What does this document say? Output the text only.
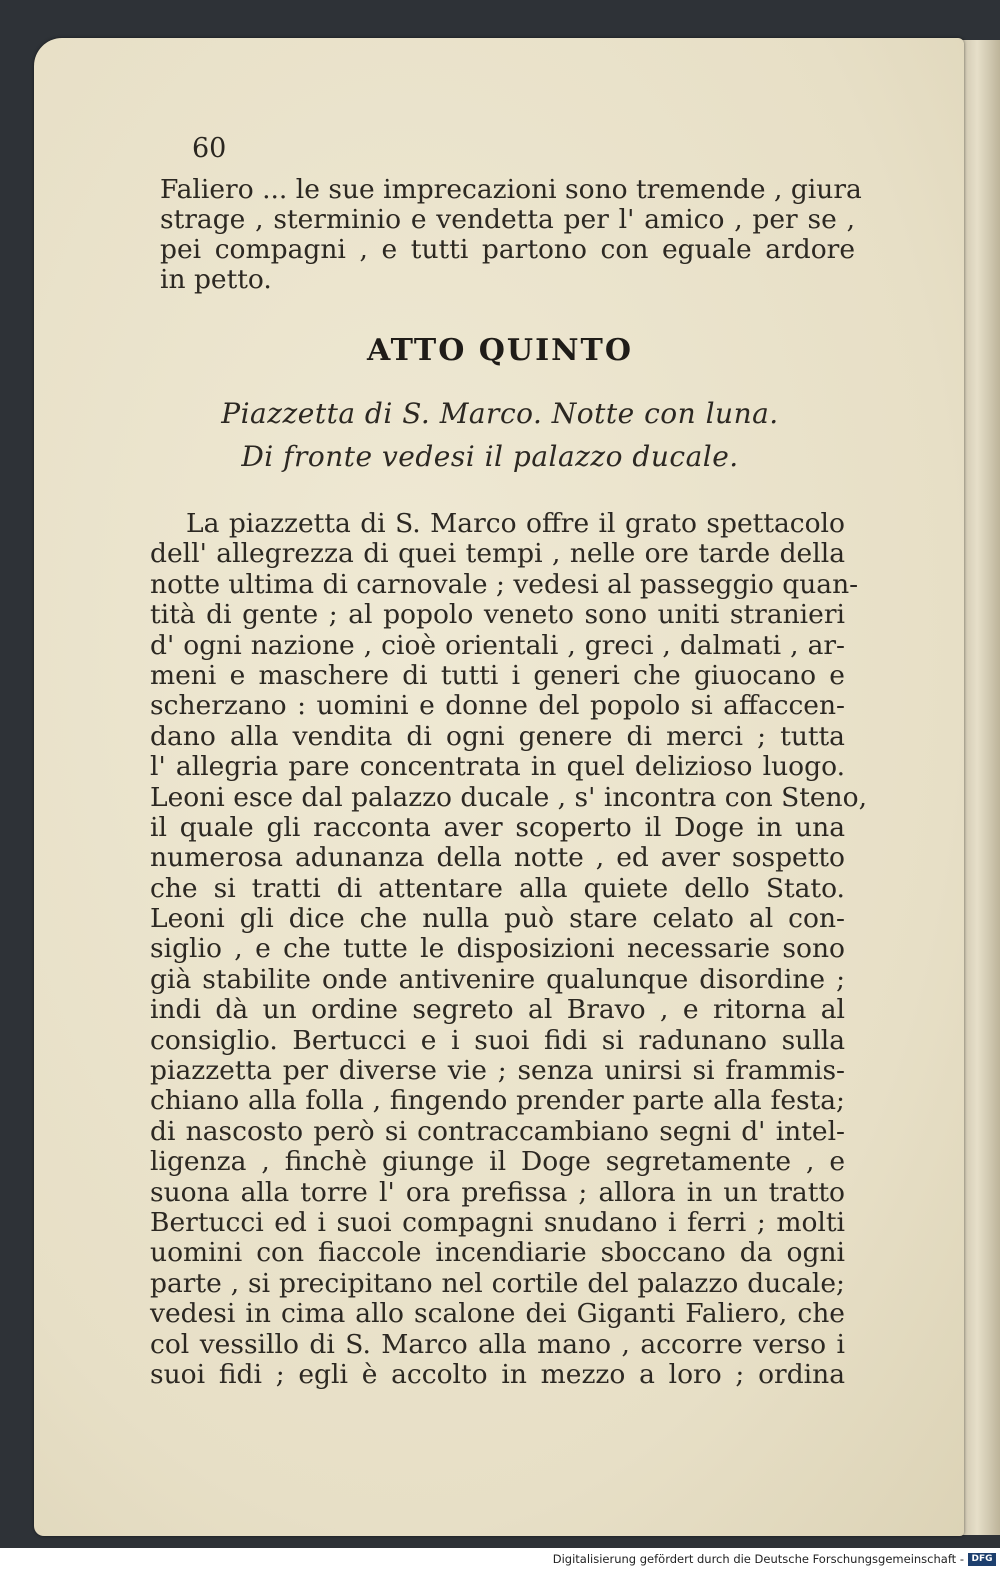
60
Faliero ... le sue imprecazioni sono tremende , giura
strage , sterminio e vendetta per l' amico , per se ,
pei compagni , e tutti partono con eguale ardore
in petto.
ATTO QUINTO
Piazzetta di S. Marco. Notte con luna.
Di fronte vedesi il palazzo ducale.
La piazzetta di S. Marco offre il grato spettacolo
dell' allegrezza di quei tempi , nelle ore tarde della
notte ultima di carnovale ; vedesi al passeggio quan-
tità di gente ; al popolo veneto sono uniti stranieri
d' ogni nazione , cioè orientali , greci , dalmati , ar-
meni e maschere di tutti i generi che giuocano e
scherzano : uomini e donne del popolo si affaccen-
dano alla vendita di ogni genere di merci ; tutta
l' allegria pare concentrata in quel delizioso luogo.
Leoni esce dal palazzo ducale , s' incontra con Steno,
il quale gli racconta aver scoperto il Doge in una
numerosa adunanza della notte , ed aver sospetto
che si tratti di attentare alla quiete dello Stato.
Leoni gli dice che nulla può stare celato al con-
siglio , e che tutte le disposizioni necessarie sono
già stabilite onde antivenire qualunque disordine ;
indi dà un ordine segreto al Bravo , e ritorna al
consiglio. Bertucci e i suoi fidi si radunano sulla
piazzetta per diverse vie ; senza unirsi si frammis-
chiano alla folla , fingendo prender parte alla festa;
di nascosto però si contraccambiano segni d' intel-
ligenza , finchè giunge il Doge segretamente , e
suona alla torre l' ora prefissa ; allora in un tratto
Bertucci ed i suoi compagni snudano i ferri ; molti
uomini con fiaccole incendiarie sboccano da ogni
parte , si precipitano nel cortile del palazzo ducale;
vedesi in cima allo scalone dei Giganti Faliero, che
col vessillo di S. Marco alla mano , accorre verso i
suoi fidi ; egli è accolto in mezzo a loro ; ordina
Digitalisierung gefördert durch die Deutsche Forschungsgemeinschaft - DFG
